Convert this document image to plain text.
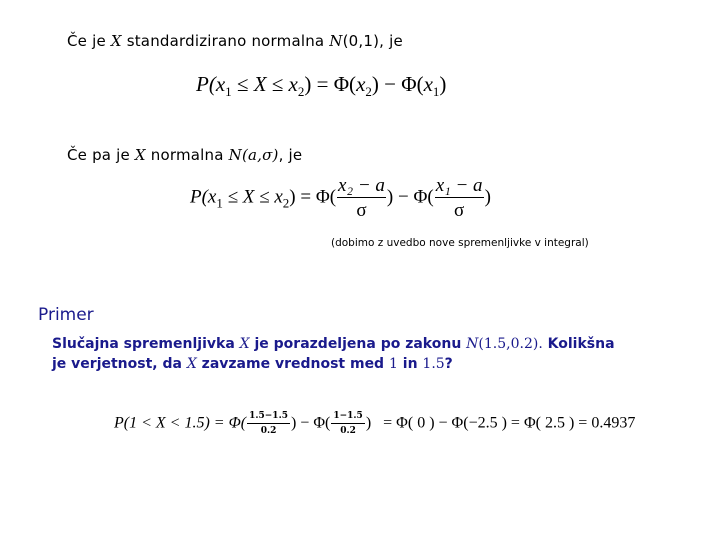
Če je X standardizirano normalna N(0,1), je
$P(x_1 \le X \le x_2) = \Phi(x_2) - \Phi(x_1)$
Če pa je X normalna N(a,σ), je
$P(x_1 \le X \le x_2) = \Phi( \frac{\text{x₂ − a}}{\sigma}$ ) − $\Phi( \frac{\text{x₁ − a}}{\sigma}$ )
(dobimo z uvedbo nove spremenljivke v integral)
Primer
Slučajna spremenljivka X je porazdeljena po zakonu N(1.5,0.2). Kolikšna
je verjetnost, da X zavzame vrednost med 1 in 1.5?
$P(1 < X < 1.5) = \Phi( \frac{1.5-1.5}{0.2}$ ) − $\Phi( \frac{1-1.5}{0.2}$ )   = Φ( 0 ) − Φ(−2.5 ) = Φ( 2.5 ) = 0.4937
